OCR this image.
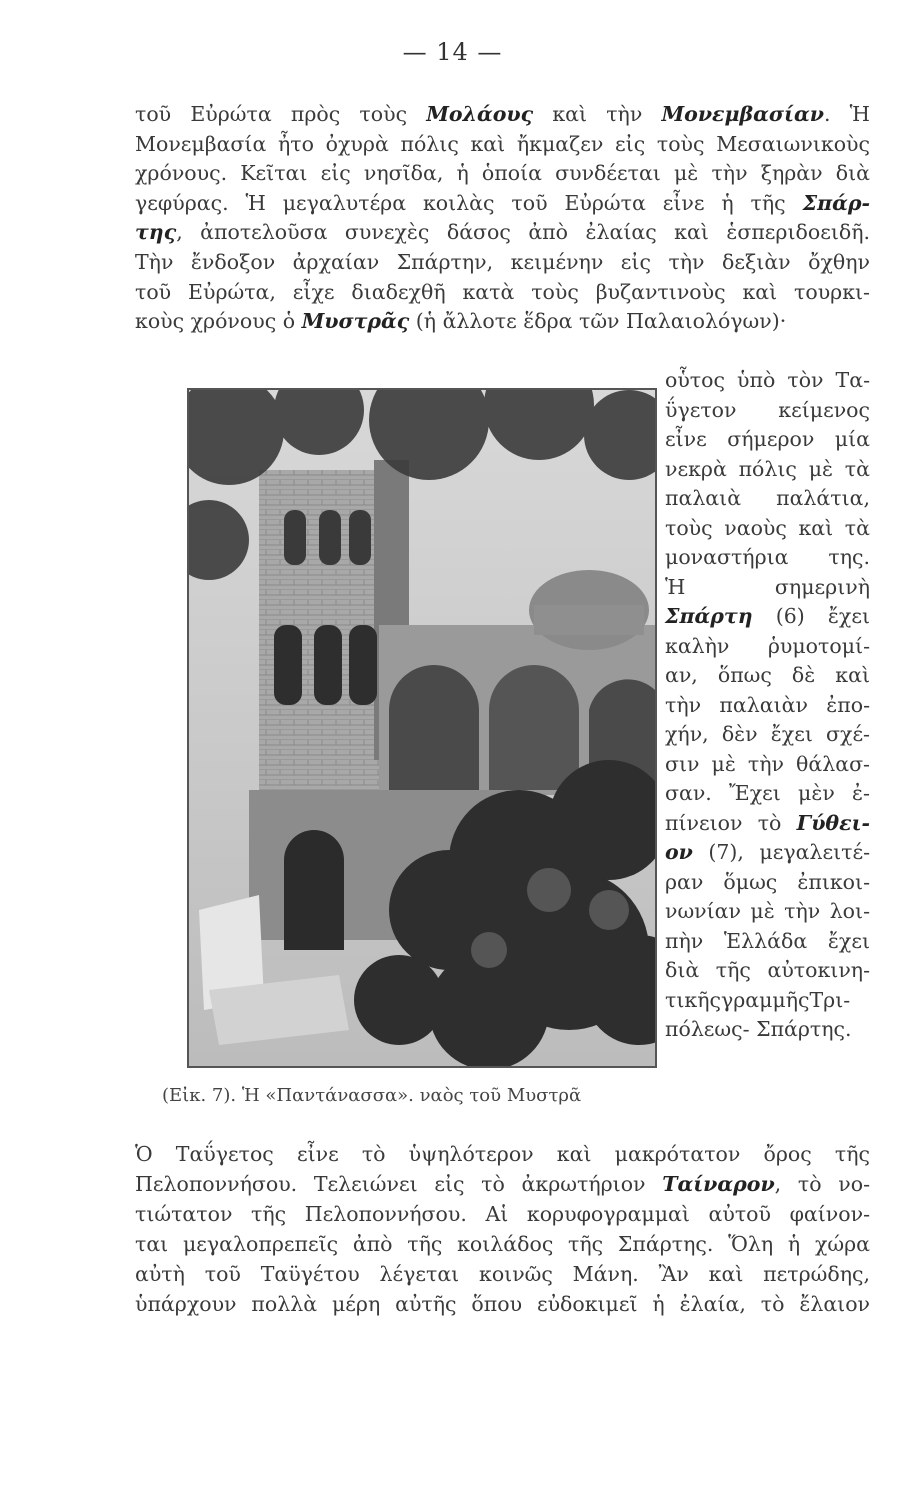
— 14 —
τοῦ Εὐρώτα πρὸς τοὺς Μολάους καὶ τὴν Μονεμβασίαν. Ἡ
Μονεμβασία ἦτο ὀχυρὰ πόλις καὶ ἤκμαζεν εἰς τοὺς Μεσαιωνικοὺς
χρόνους. Κεῖται εἰς νησῖδα, ἡ ὁποία συνδέεται μὲ τὴν ξηρὰν διὰ
γεφύρας. Ἡ μεγαλυτέρα κοιλὰς τοῦ Εὐρώτα εἶνε ἡ τῆς Σπάρ-
της, ἀποτελοῦσα συνεχὲς δάσος ἀπὸ ἐλαίας καὶ ἑσπεριδοειδῆ.
Τὴν ἔνδοξον ἀρχαίαν Σπάρτην, κειμένην εἰς τὴν δεξιὰν ὄχθην
τοῦ Εὐρώτα, εἶχε διαδεχθῆ κατὰ τοὺς βυζαντινοὺς καὶ τουρκι-
κοὺς χρόνους ὁ Μυστρᾶς (ἡ ἄλλοτε ἕδρα τῶν Παλαιολόγων)·
οὗτος ὑπὸ τὸν Τα-
ΰγετον κείμενος
εἶνε σήμερον μία
νεκρὰ πόλις μὲ τὰ
παλαιὰ παλάτια,
τοὺς ναοὺς καὶ τὰ
μοναστήρια της.
Ἡ σημερινὴ
Σπάρτη (6) ἔχει
καλὴν ῥυμοτομί-
αν, ὅπως δὲ καὶ
τὴν παλαιὰν ἐπο-
χήν, δὲν ἔχει σχέ-
σιν μὲ τὴν θάλασ-
σαν. Ἔχει μὲν ἐ-
πίνειον τὸ Γύθει-
ον (7), μεγαλειτέ-
ραν ὅμως ἐπικοι-
νωνίαν μὲ τὴν λοι-
πὴν Ἑλλάδα ἔχει
διὰ τῆς αὐτοκινη-
τικῆςγραμμῆςΤρι-
πόλεως- Σπάρτης.
(Εἰκ. 7). Ἡ «Παντάνασσα». ναὸς τοῦ Μυστρᾶ
Ὁ Ταΰγετος εἶνε τὸ ὑψηλότερον καὶ μακρότατον ὄρος τῆς
Πελοποννήσου. Τελειώνει εἰς τὸ ἀκρωτήριον Ταίναρον, τὸ νο-
τιώτατον τῆς Πελοποννήσου. Αἱ κορυφογραμμαὶ αὐτοῦ φαίνον-
ται μεγαλοπρεπεῖς ἀπὸ τῆς κοιλάδος τῆς Σπάρτης. Ὅλη ἡ χώρα
αὐτὴ τοῦ Ταϋγέτου λέγεται κοινῶς Μάνη. Ἂν καὶ πετρώδης,
ὑπάρχουν πολλὰ μέρη αὐτῆς ὅπου εὐδοκιμεῖ ἡ ἐλαία, τὸ ἔλαιον
